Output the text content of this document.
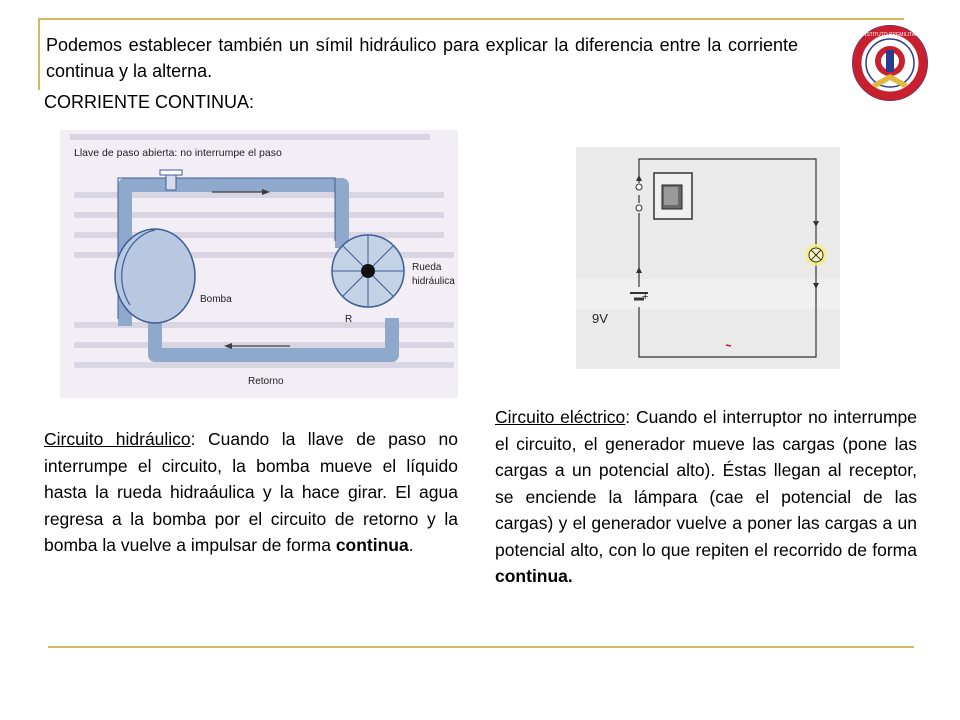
Podemos establecer también un símil hidráulico para explicar la diferencia entre la corriente continua y la alterna.
CORRIENTE CONTINUA:
INSTITUTO PREMILITAR
Llave de paso abierta: no interrumpe el paso
Rueda
hidráulica
Bomba
R
Retorno
+
9V
Circuito hidráulico: Cuando la llave de paso no interrumpe el circuito, la bomba mueve el líquido hasta la rueda hidraáulica y la hace girar. El agua regresa a la bomba por el circuito de retorno y la bomba la vuelve a impulsar de forma continua.
Circuito eléctrico: Cuando el interruptor no interrumpe el circuito, el generador mueve las cargas (pone las cargas a un potencial alto). Éstas llegan al receptor, se enciende la lámpara (cae el potencial de las cargas) y el generador vuelve a poner las cargas a un potencial alto, con lo que repiten el recorrido de forma continua.
